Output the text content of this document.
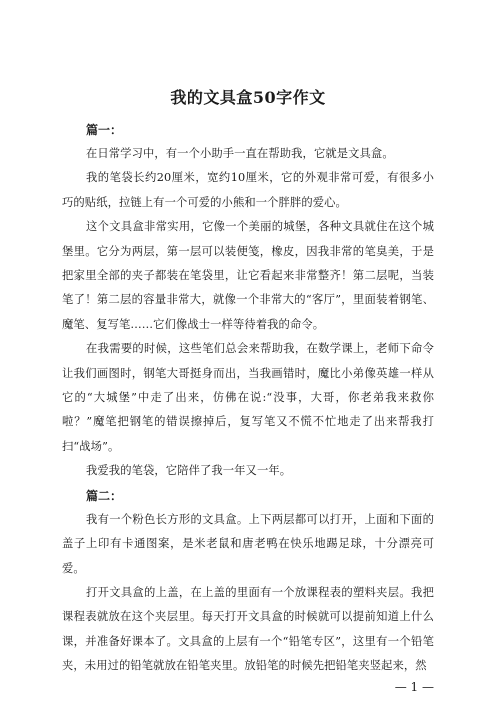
我的文具盒50字作文
篇一：

在日常学习中，有一个小助手一直在帮助我，它就是文具盒。

我的笔袋长约20厘米，宽约10厘米，它的外观非常可爱，有很多小巧的贴纸，拉链上有一个可爱的小熊和一个胖胖的爱心。

这个文具盒非常实用，它像一个美丽的城堡，各种文具就住在这个城堡里。它分为两层，第一层可以装便笺，橡皮，因我非常的笔臭美，于是把家里全部的夹子都装在笔袋里，让它看起来非常整齐！第二层呢，当装笔了！第二层的容量非常大，就像一个非常大的“客厅”，里面装着钢笔、魔笔、复写笔……它们像战士一样等待着我的命令。

在我需要的时候，这些笔们总会来帮助我，在数学课上，老师下命令让我们画图时，钢笔大哥挺身而出，当我画错时，魔比小弟像英雄一样从它的“大城堡”中走了出来，仿佛在说:“没事，大哥，你老弟我来救你啦？”魔笔把钢笔的错误擦掉后，复写笔又不慌不忙地走了出来帮我打扫“战场”。

我爱我的笔袋，它陪伴了我一年又一年。

篇二：

我有一个粉色长方形的文具盒。上下两层都可以打开，上面和下面的盖子上印有卡通图案，是米老鼠和唐老鸭在快乐地踢足球，十分漂亮可爱。

打开文具盒的上盖，在上盖的里面有一个放课程表的塑料夹层。我把课程表就放在这个夹层里。每天打开文具盒的时候就可以提前知道上什么课，并准备好课本了。文具盒的上层有一个“铅笔专区”，这里有一个铅笔夹，未用过的铅笔就放在铅笔夹里。放铅笔的时候先把铅笔夹竖起来，然

— 1 —
